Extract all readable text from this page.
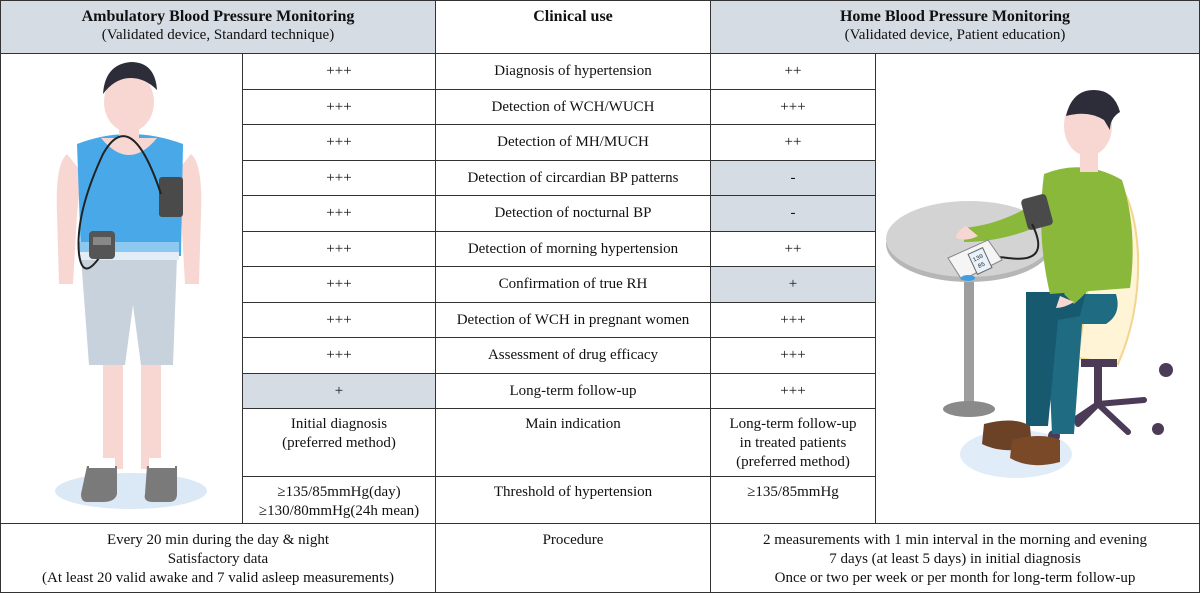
Ambulatory Blood Pressure Monitoring
(Validated device, Standard technique)
Clinical use	Home Blood Pressure Monitoring
(Validated device, Patient education)
+++
+++
+++
+++
+++
+++
+++
+++
+++
+
Initial diagnosis
(preferred method)
≥135/85mmHg(day)
≥130/80mmHg(24h mean)
Diagnosis of hypertension
Detection of WCH/WUCH
Detection of MH/MUCH
Detection of circardian BP patterns
Detection of nocturnal BP
Detection of morning hypertension
Confirmation of true RH
Detection of WCH in pregnant women
Assessment of drug efficacy
Long-term follow-up
Main indication
Threshold of hypertension
++
+++
++
-
-
++
+
+++
+++
+++
Long-term follow-up
in treated patients
(preferred method)
≥135/85mmHg
130
85
Every 20 min during the day & night
Satisfactory data
(At least 20 valid awake and 7 valid asleep measurements)
Procedure	2 measurements with 1 min interval in the morning and evening
7 days (at least 5 days) in initial diagnosis
Once or two per week or per month for long-term follow-up
